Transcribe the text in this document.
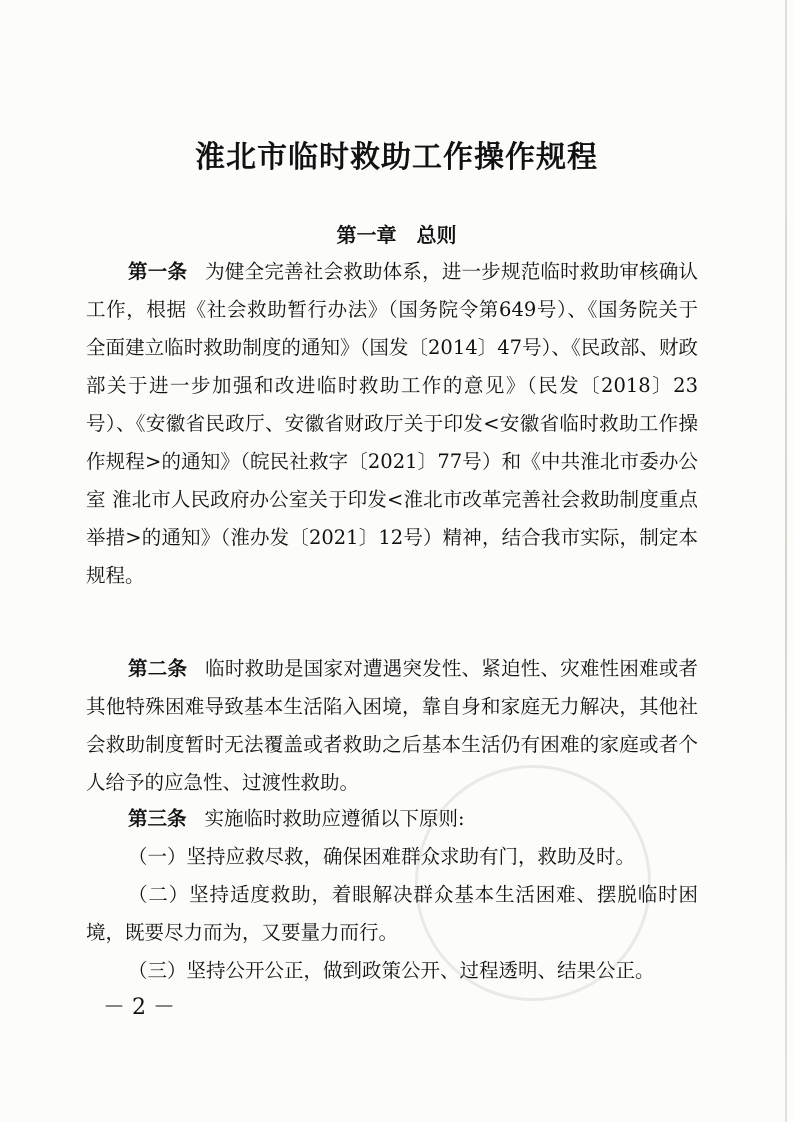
淮北市临时救助工作操作规程
第一章　总则

第一条 为健全完善社会救助体系，进一步规范临时救助审核确认工作，根据《社会救助暂行办法》（国务院令第649号）、《国务院关于全面建立临时救助制度的通知》（国发〔2014〕47号）、《民政部、财政部关于进一步加强和改进临时救助工作的意见》（民发〔2018〕23号）、《安徽省民政厅、安徽省财政厅关于印发<安徽省临时救助工作操作规程>的通知》（皖民社救字〔2021〕77号）和《中共淮北市委办公室 淮北市人民政府办公室关于印发<淮北市改革完善社会救助制度重点举措>的通知》（淮办发〔2021〕12号）精神，结合我市实际，制定本规程。

第二条 临时救助是国家对遭遇突发性、紧迫性、灾难性困难或者其他特殊困难导致基本生活陷入困境，靠自身和家庭无力解决，其他社会救助制度暂时无法覆盖或者救助之后基本生活仍有困难的家庭或者个人给予的应急性、过渡性救助。

第三条 实施临时救助应遵循以下原则:

（一）坚持应救尽救，确保困难群众求助有门，救助及时。

（二）坚持适度救助，着眼解决群众基本生活困难、摆脱临时困境，既要尽力而为，又要量力而行。

（三）坚持公开公正，做到政策公开、过程透明、结果公正。

－ 2 －
